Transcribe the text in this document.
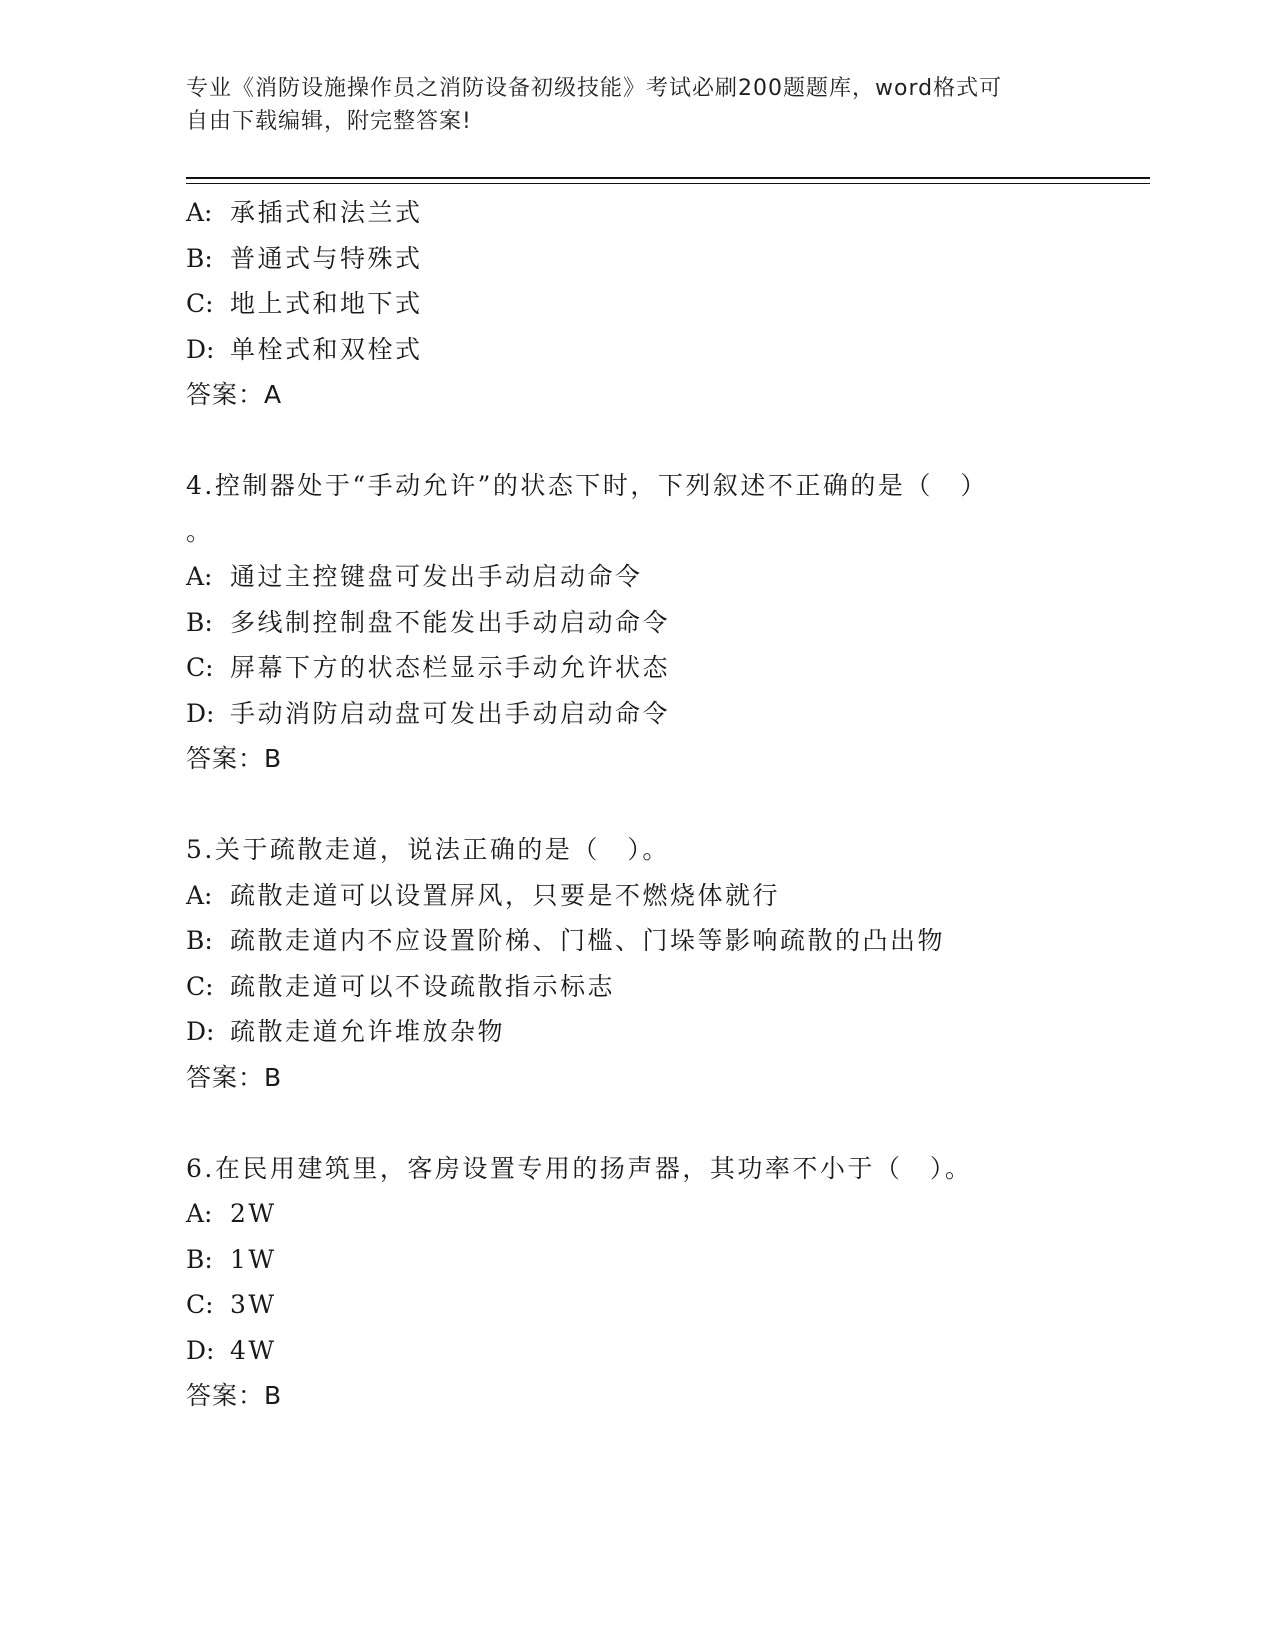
专业《消防设施操作员之消防设备初级技能》考试必刷200题题库，word格式可
自由下载编辑，附完整答案!
A: 承插式和法兰式
B: 普通式与特殊式
C: 地上式和地下式
D: 单栓式和双栓式
答案：A
4.控制器处于“手动允许”的状态下时，下列叙述不正确的是（　）
。
A: 通过主控键盘可发出手动启动命令
B: 多线制控制盘不能发出手动启动命令
C: 屏幕下方的状态栏显示手动允许状态
D: 手动消防启动盘可发出手动启动命令
答案：B
5.关于疏散走道，说法正确的是（　）。
A: 疏散走道可以设置屏风，只要是不燃烧体就行
B: 疏散走道内不应设置阶梯、门槛、门垛等影响疏散的凸出物
C: 疏散走道可以不设疏散指示标志
D: 疏散走道允许堆放杂物
答案：B
6.在民用建筑里，客房设置专用的扬声器，其功率不小于（　）。
A: 2W
B: 1W
C: 3W
D: 4W
答案：B
